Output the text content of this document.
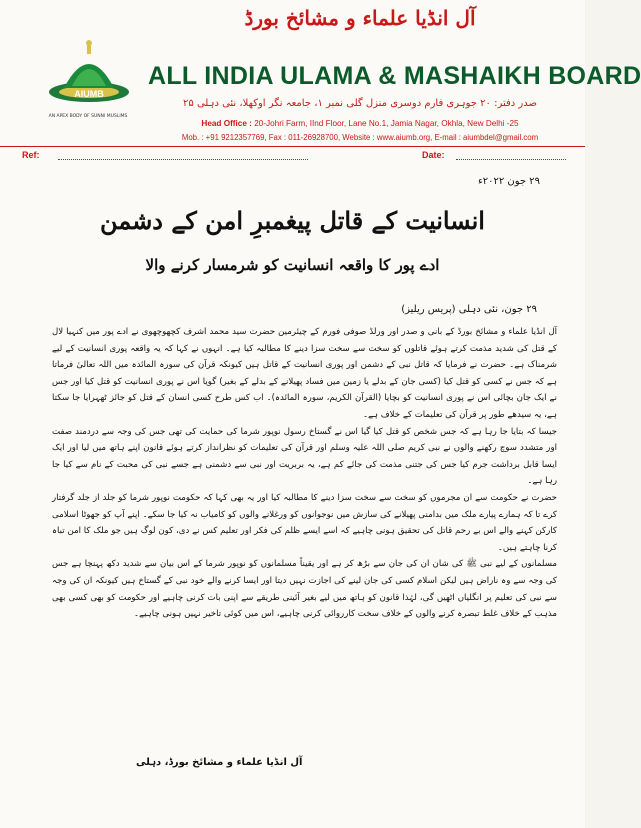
AIUMB
AN APEX BODY OF SUNNI MUSLIMS
آل انڈیا علماء و مشائخ بورڈ
ALL INDIA ULAMA & MASHAIKH BOARD
صدر دفتر: ۲۰ جوہری فارم دوسری منزل گلی نمبر ۱، جامعہ نگر اوکھلا، نئی دہلی ۲۵
Head Office : 20-Johri Farm, IInd Floor, Lane No.1, Jamia Nagar, Okhla, New Delhi -25
Mob. : +91 9212357769, Fax : 011-26928700, Website : www.aiumb.org, E-mail : aiumbdel@gmail.com
Ref:	Date:
۲۹ جون ۲۰۲۲ء
انسانیت کے قاتل پیغمبرِ امن کے دشمن
ادے پور کا واقعہ انسانیت کو شرمسار کرنے والا
۲۹ جون، نئی دہلی (پریس ریلیز)

آل انڈیا علماء و مشائخ بورڈ کے بانی و صدر اور ورلڈ صوفی فورم کے چیئرمین حضرت سید محمد اشرف کچھوچھوی نے ادے پور میں کنہیا لال کے قتل کی شدید مذمت کرتے ہوئے قاتلوں کو سخت سے سخت سزا دینے کا مطالبہ کیا ہے۔ انہوں نے کہا کہ یہ واقعہ پوری انسانیت کے لیے شرمناک ہے۔ حضرت نے فرمایا کہ قاتل نبی کے دشمن اور پوری انسانیت کے قاتل ہیں کیونکہ قرآن کی سورہ المائدہ میں اللہ تعالیٰ فرماتا ہے کہ جس نے کسی کو قتل کیا (کسی جان کے بدلے یا زمین میں فساد پھیلانے کے بدلے کے بغیر) گویا اس نے پوری انسانیت کو قتل کیا اور جس نے ایک جان بچائی اس نے پوری انسانیت کو بچایا (القرآن الکریم، سورہ المائدہ)۔ اب کس طرح کسی انسان کے قتل کو جائز ٹھہرایا جا سکتا ہے، یہ سیدھے طور پر قرآن کی تعلیمات کے خلاف ہے۔

جیسا کہ بتایا جا رہا ہے کہ جس شخص کو قتل کیا گیا اس نے گستاخ رسول نوپور شرما کی حمایت کی تھی جس کی وجہ سے دردمند صفت اور متشدد سوچ رکھنے والوں نے نبی کریم صلی اللہ علیہ وسلم اور قرآن کی تعلیمات کو نظرانداز کرتے ہوئے قانون اپنے ہاتھ میں لیا اور ایک ایسا قابل برداشت جرم کیا جس کی جتنی مذمت کی جائے کم ہے، یہ بربریت اور نبی سے دشمنی ہے جسے نبی کی محبت کے نام سے کیا جا رہا ہے۔

حضرت نے حکومت سے ان مجرموں کو سخت سے سخت سزا دینے کا مطالبہ کیا اور یہ بھی کہا کہ حکومت نوپور شرما کو جلد از جلد گرفتار کرے تا کہ ہمارے پیارے ملک میں بدامنی پھیلانے کی سازش میں نوجوانوں کو ورغلانے والوں کو کامیاب نہ کیا جا سکے۔ اپنے آپ کو جھوٹا اسلامی کارکن کہنے والے اس بے رحم قاتل کی تحقیق ہونی چاہیے کہ اسے ایسے ظلم کی فکر اور تعلیم کس نے دی، کون لوگ ہیں جو ملک کا امن تباہ کرنا چاہتے ہیں۔

مسلمانوں کے لیے نبی ﷺ کی شان ان کی جان سے بڑھ کر ہے اور یقیناً مسلمانوں کو نوپور شرما کے اس بیان سے شدید دکھ پہنچا ہے جس کی وجہ سے وہ ناراض ہیں لیکن اسلام کسی کی جان لینے کی اجازت نہیں دیتا اور ایسا کرنے والے خود نبی کے گستاخ ہیں کیونکہ ان کی وجہ سے نبی کی تعلیم پر انگلیاں اٹھیں گی، لہٰذا قانون کو ہاتھ میں لیے بغیر آئینی طریقے سے اپنی بات کرنی چاہیے اور حکومت کو بھی کسی بھی مذہب کے خلاف غلط تبصرہ کرنے والوں کے خلاف سخت کارروائی کرنی چاہیے، اس میں کوئی تاخیر نہیں ہونی چاہیے۔

آل انڈیا علماء و مشائخ بورڈ، دہلی
